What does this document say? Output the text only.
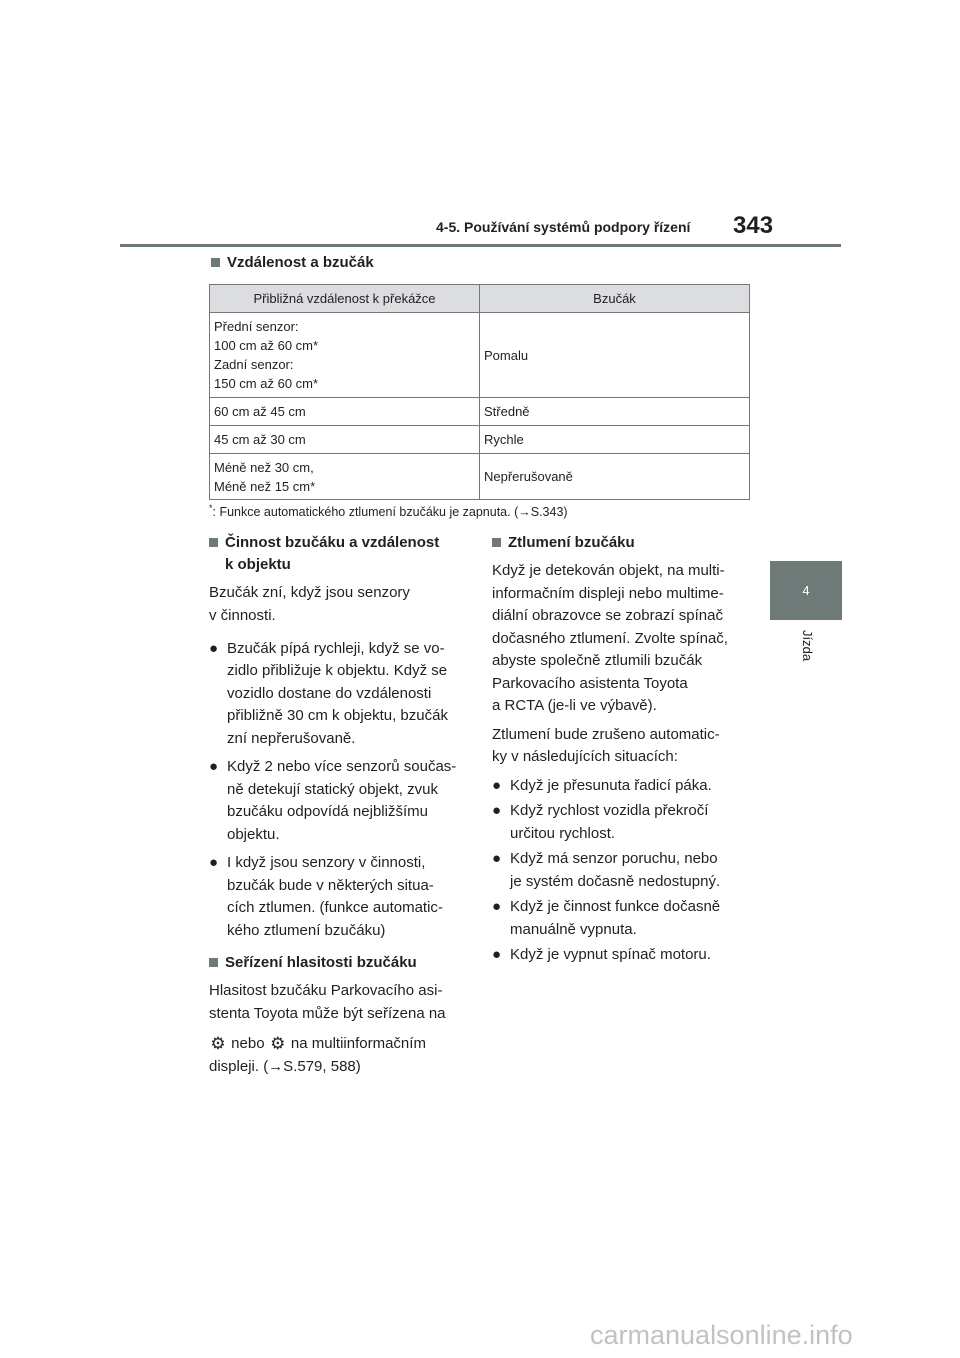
4-5. Používání systémů podpory řízení 343
4
Jízda
Vzdálenost a bzučák
Přibližná vzdálenost k překážce	Bzučák

Přední senzor:
100 cm až 60 cm*
Zadní senzor:
150 cm až 60 cm*	Pomalu
60 cm až 45 cm	Středně
45 cm až 30 cm	Rychle

Méně než 30 cm,
Méně než 15 cm*	Nepřerušovaně
*: Funkce automatického ztlumení bzučáku je zapnuta. (→S.343)
Činnost bzučáku a vzdálenost
k objektu
Bzučák zní, když jsou senzory
v činnosti.
● Bzučák pípá rychleji, když se vo-
zidlo přibližuje k objektu. Když se
vozidlo dostane do vzdálenosti
přibližně 30 cm k objektu, bzučák
zní nepřerušovaně.
● Když 2 nebo více senzorů součas-
ně detekují statický objekt, zvuk
bzučáku odpovídá nejbližšímu
objektu.
● I když jsou senzory v činnosti,
bzučák bude v některých situa-
cích ztlumen. (funkce automatic-
kého ztlumení bzučáku)
Seřízení hlasitosti bzučáku
Hlasitost bzučáku Parkovacího asi-
stenta Toyota může být seřízena na
⚙ nebo ⚙ na multiinformačním
displeji. (→S.579, 588)
Ztlumení bzučáku
Když je detekován objekt, na multi-
informačním displeji nebo multime-
diální obrazovce se zobrazí spínač
dočasného ztlumení. Zvolte spínač,
abyste společně ztlumili bzučák
Parkovacího asistenta Toyota
a RCTA (je-li ve výbavě).
Ztlumení bude zrušeno automatic-
ky v následujících situacích:
● Když je přesunuta řadicí páka.
● Když rychlost vozidla překročí
určitou rychlost.
● Když má senzor poruchu, nebo
je systém dočasně nedostupný.
● Když je činnost funkce dočasně
manuálně vypnuta.
● Když je vypnut spínač motoru.
carmanualsonline.info
